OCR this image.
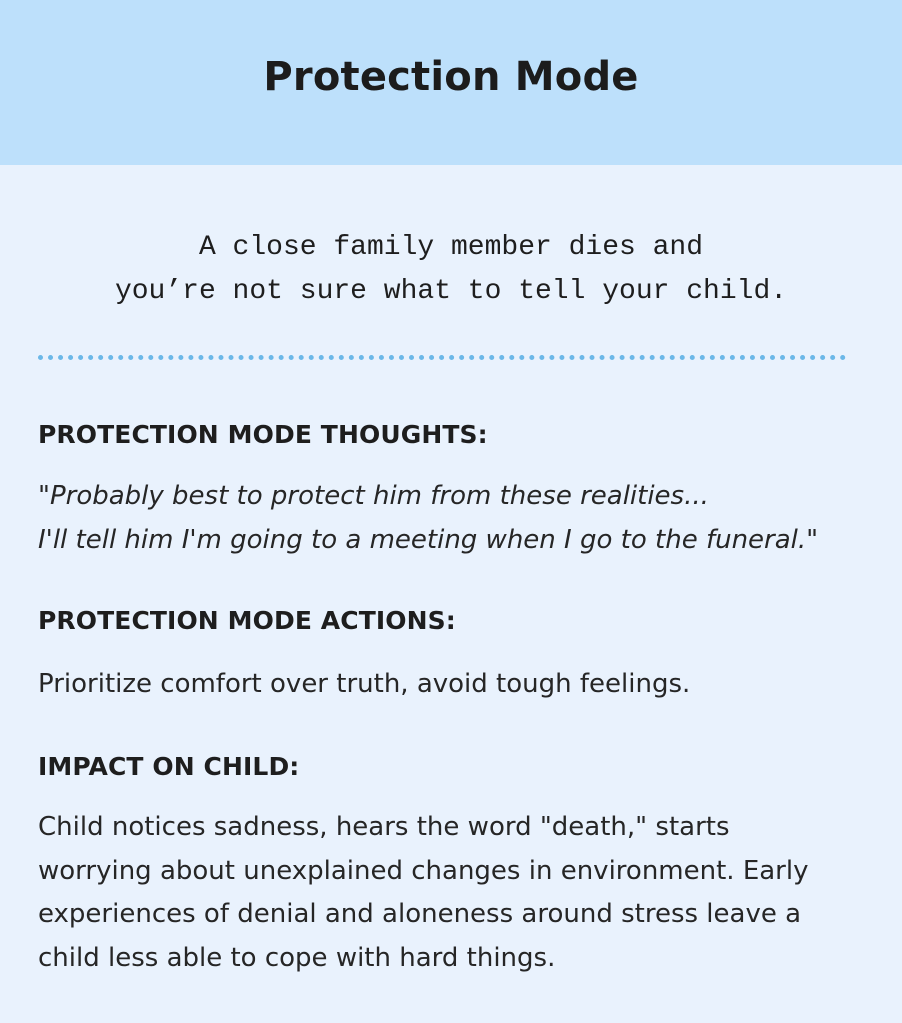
Protection Mode
A close family member dies and
you’re not sure what to tell your child.
PROTECTION MODE THOUGHTS:
"Probably best to protect him from these realities...
I'll tell him I'm going to a meeting when I go to the funeral."
PROTECTION MODE ACTIONS:
Prioritize comfort over truth, avoid tough feelings.
IMPACT ON CHILD:
Child notices sadness, hears the word "death," starts
worrying about unexplained changes in environment. Early
experiences of denial and aloneness around stress leave a
child less able to cope with hard things.
